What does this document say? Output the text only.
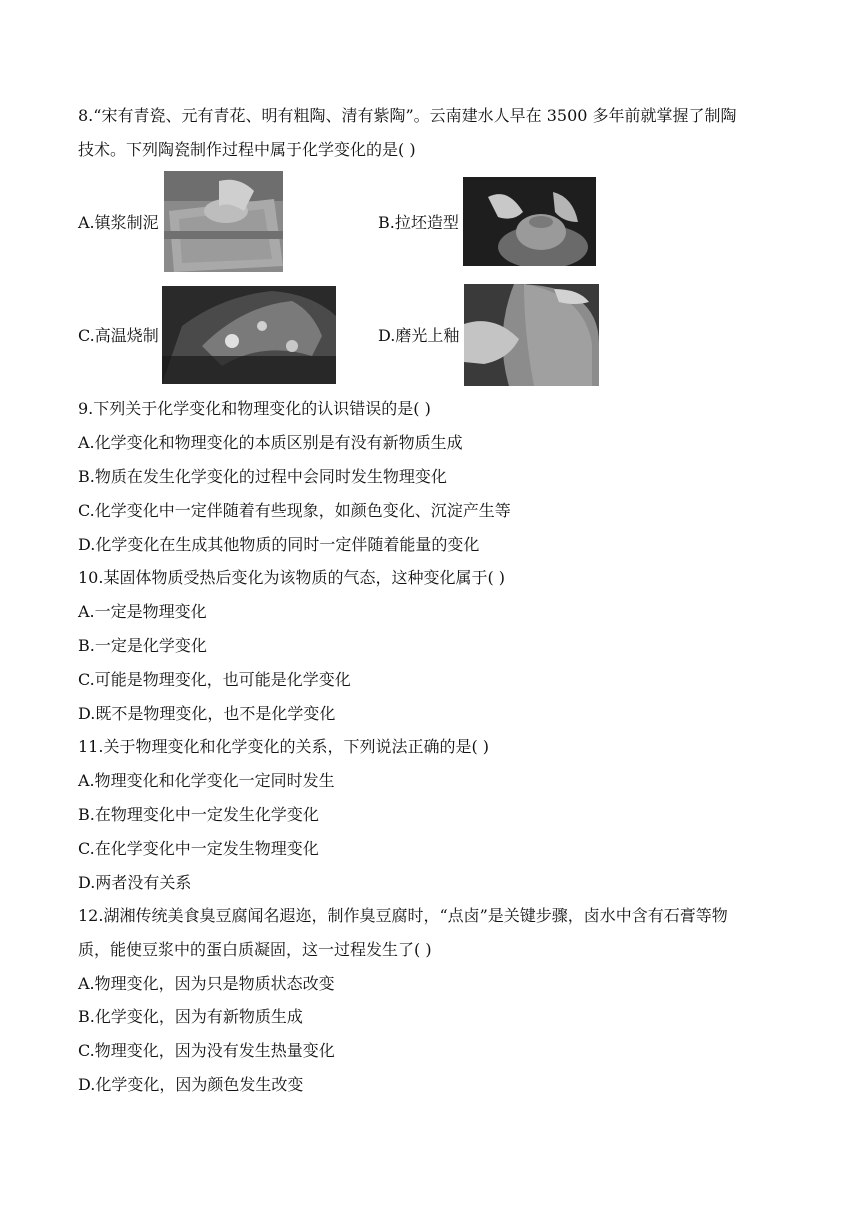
8.“宋有青瓷、元有青花、明有粗陶、清有紫陶”。云南建水人早在 3500 多年前就掌握了制陶
技术。下列陶瓷制作过程中属于化学变化的是( )
A.镇浆制泥	B.拉坯造型
C.高温烧制	D.磨光上釉
9.下列关于化学变化和物理变化的认识错误的是( )
A.化学变化和物理变化的本质区别是有没有新物质生成
B.物质在发生化学变化的过程中会同时发生物理变化
C.化学变化中一定伴随着有些现象，如颜色变化、沉淀产生等
D.化学变化在生成其他物质的同时一定伴随着能量的变化
10.某固体物质受热后变化为该物质的气态，这种变化属于( )
A.一定是物理变化
B.一定是化学变化
C.可能是物理变化，也可能是化学变化
D.既不是物理变化，也不是化学变化
11.关于物理变化和化学变化的关系，下列说法正确的是( )
A.物理变化和化学变化一定同时发生
B.在物理变化中一定发生化学变化
C.在化学变化中一定发生物理变化
D.两者没有关系
12.湖湘传统美食臭豆腐闻名遐迩，制作臭豆腐时，“点卤”是关键步骤，卤水中含有石膏等物
质，能使豆浆中的蛋白质凝固，这一过程发生了( )
A.物理变化，因为只是物质状态改变
B.化学变化，因为有新物质生成
C.物理变化，因为没有发生热量变化
D.化学变化，因为颜色发生改变
